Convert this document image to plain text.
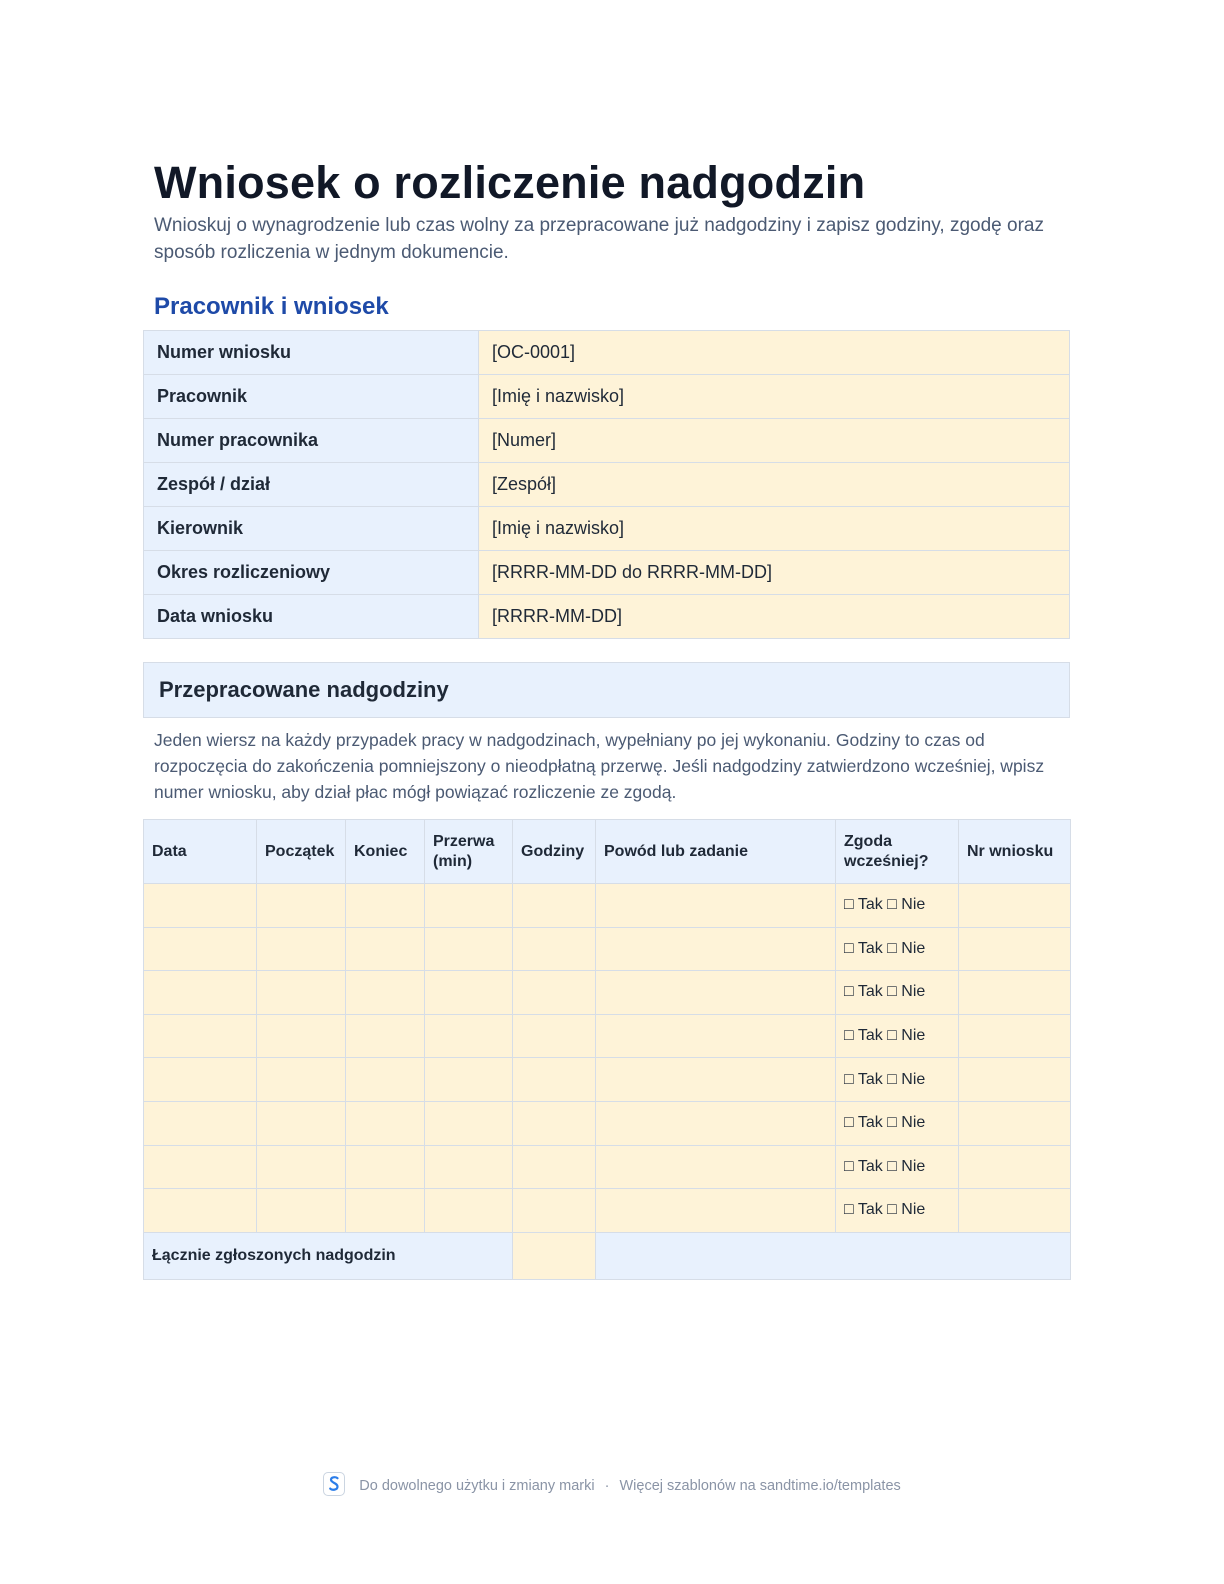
Wniosek o rozliczenie nadgodzin

Wnioskuj o wynagrodzenie lub czas wolny za przepracowane już nadgodziny i zapisz godziny, zgodę oraz sposób rozliczenia w jednym dokumencie.

Pracownik i wniosek
Numer wniosku	[OC-0001]
Pracownik	[Imię i nazwisko]
Numer pracownika	[Numer]
Zespół / dział	[Zespół]
Kierownik	[Imię i nazwisko]
Okres rozliczeniowy	[RRRR-MM-DD do RRRR-MM-DD]
Data wniosku	[RRRR-MM-DD]
Przepracowane nadgodziny

Jeden wiersz na każdy przypadek pracy w nadgodzinach, wypełniany po jej wykonaniu. Godziny to czas od rozpoczęcia do zakończenia pomniejszony o nieodpłatną przerwę. Jeśli nadgodziny zatwierdzono wcześniej, wpisz numer wniosku, aby dział płac mógł powiązać rozliczenie ze zgodą.

Data	Początek	Koniec	Przerwa (min)	Godziny	Powód lub zadanie	Zgoda wcześniej?	Nr wniosku
						□ Tak □ Nie	
						□ Tak □ Nie	
						□ Tak □ Nie	
						□ Tak □ Nie	
						□ Tak □ Nie	
						□ Tak □ Nie	
						□ Tak □ Nie	
						□ Tak □ Nie	
Łącznie zgłoszonych nadgodzin							
Do dowolnego użytku i zmiany marki · Więcej szablonów na sandtime.io/templates
